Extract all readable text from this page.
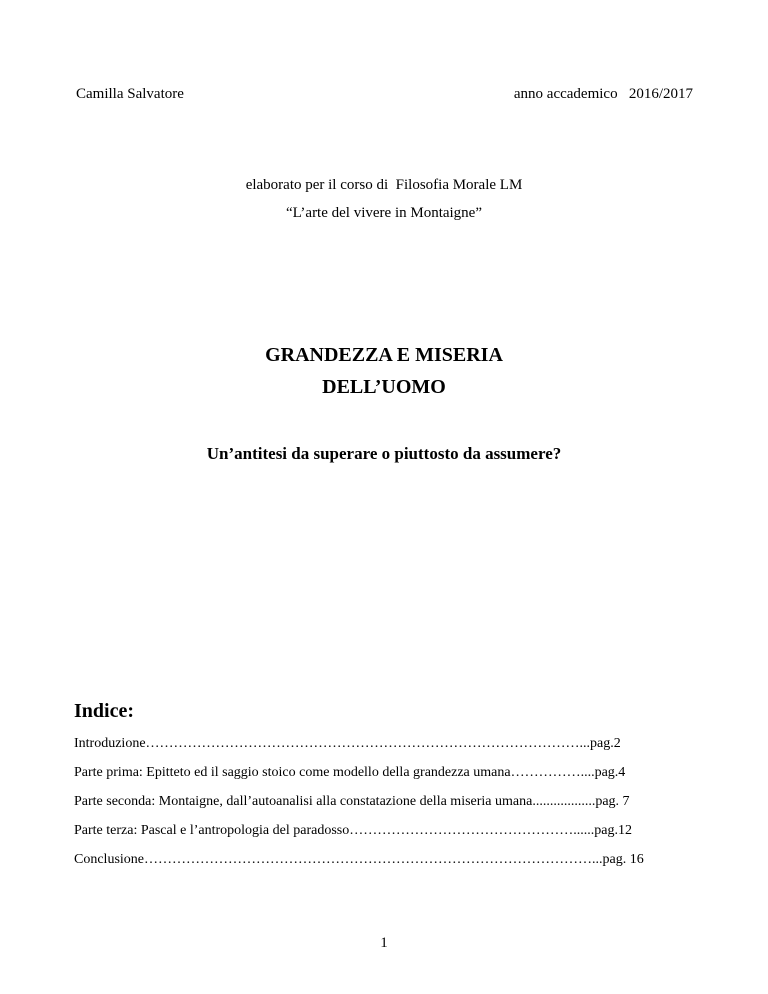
Camilla Salvatore	anno accademico   2016/2017
elaborato per il corso di  Filosofia Morale LM
“L’arte del vivere in Montaigne”
GRANDEZZA E MISERIA
DELL’UOMO
Un’antitesi da superare o piuttosto da assumere?
Indice:
Introduzione…………………………………………………………………………………...pag.2
Parte prima: Epitteto ed il saggio stoico come modello della grandezza umana……………....pag.4
Parte seconda: Montaigne, dall’autoanalisi alla constatazione della miseria umana..................pag. 7
Parte terza: Pascal e l’antropologia del paradosso…………………………………………......pag.12
Conclusione……………………………………………………………………………………...pag. 16
1
